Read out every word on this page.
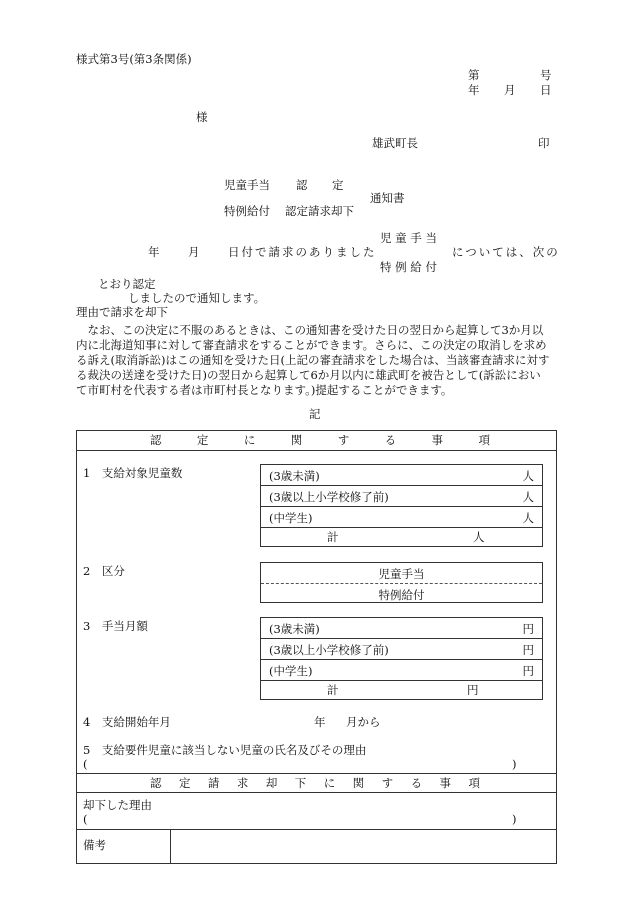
様式第3号(第3条関係)
第	号
年 月 日
様
雄武町長	印
児童手当 認 定
通知書
特例給付 認定請求却下
児 童 手 当
年 月 日付で請求のありました	については、次の
特 例 給 付
とおり認定
しましたので通知します。
理由で請求を却下

なお、この決定に不服のあるときは、この通知書を受けた日の翌日から起算して3か月以内に北海道知事に対して審査請求をすることができます。さらに、この決定の取消しを求める訴え(取消訴訟)はこの通知を受けた日(上記の審査請求をした場合は、当該審査請求に対する裁決の送達を受けた日)の翌日から起算して6か月以内に雄武町を被告として(訴訟において市町村を代表する者は市町村長となります。)提起することができます。

記
認	定	に	関	す	る	事	項
1　支給対象児童数	(3歳未満)	人
(3歳以上小学校修了前)	人
(中学生)	人
計	人
2　区分	児童手当
特例給付
3　手当月額	(3歳未満)	円
(3歳以上小学校修了前)	円
(中学生)	円
計	円
4　支給開始年月	年 月から
5　支給要件児童に該当しない児童の氏名及びその理由
(	)
認 定 請 求 却 下 に 関 す る 事 項
却下した理由
(	)
備考
